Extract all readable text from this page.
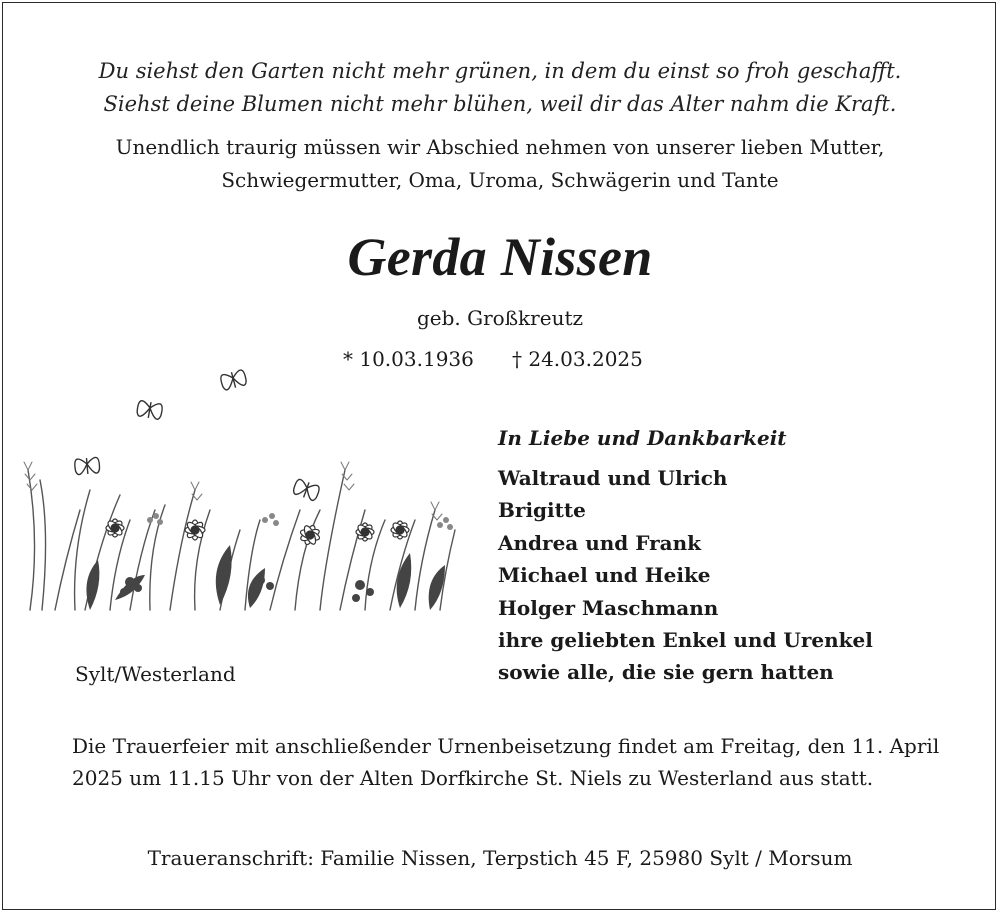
Du siehst den Garten nicht mehr grünen, in dem du einst so froh geschafft.
Siehst deine Blumen nicht mehr blühen, weil dir das Alter nahm die Kraft.
Unendlich traurig müssen wir Abschied nehmen von unserer lieben Mutter,
Schwiegermutter, Oma, Uroma, Schwägerin und Tante
Gerda Nissen
geb. Großkreutz
* 10.03.1936 † 24.03.2025
In Liebe und Dankbarkeit
Waltraud und Ulrich
Brigitte
Andrea und Frank
Michael und Heike
Holger Maschmann
ihre geliebten Enkel und Urenkel
sowie alle, die sie gern hatten
Sylt/Westerland
Die Trauerfeier mit anschließender Urnenbeisetzung findet am Freitag, den 11. April 2025 um 11.15 Uhr von der Alten Dorfkirche St. Niels zu Westerland aus statt.
Traueranschrift: Familie Nissen, Terpstich 45 F, 25980 Sylt / Morsum
